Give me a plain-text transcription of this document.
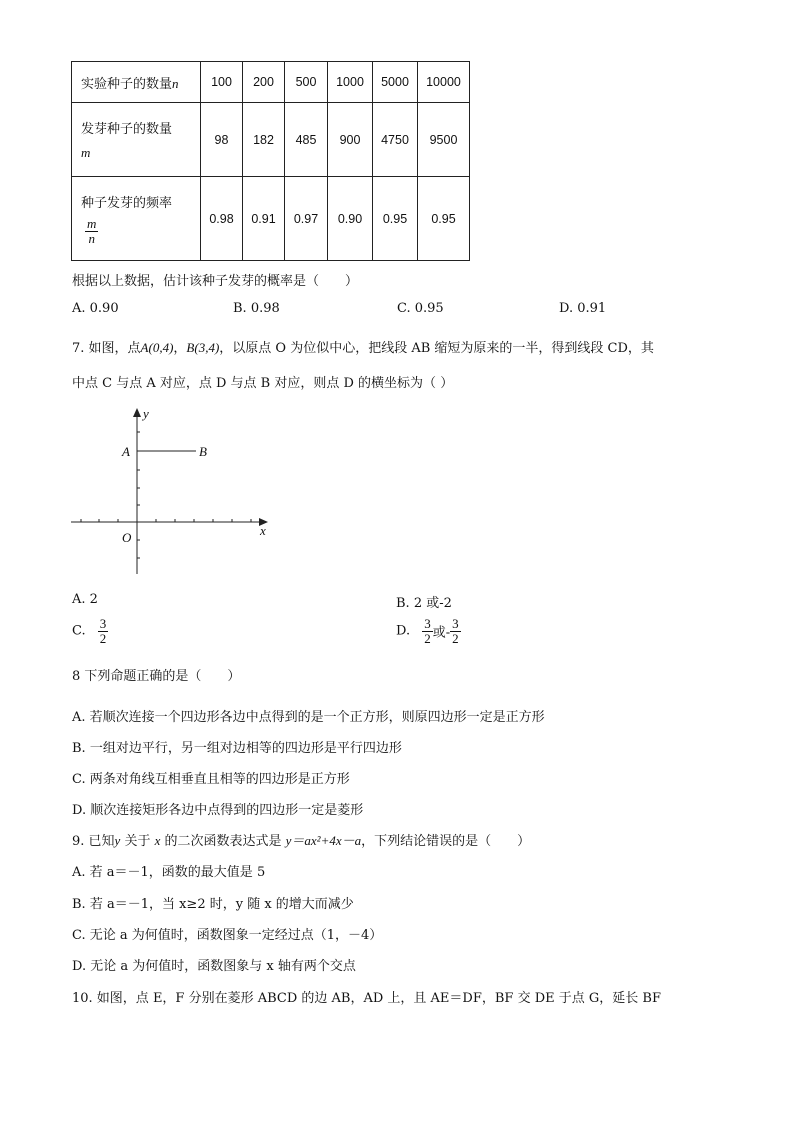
实验种子的数量n	100	200	500	1000	5000	10000

发芽种子的数量
m	98	182	485	900	4750	9500

种子发芽的频率
$\frac{m}{n}$	0.98	0.91	0.97	0.90	0.95	0.95
根据以上数据，估计该种子发芽的概率是（　　）
A. 0.90	B. 0.98	C. 0.95	D. 0.91
7. 如图，点A(0,4)，B(3,4)，以原点 O 为位似中心，把线段 AB 缩短为原来的一半，得到线段 CD，其
中点 C 与点 A 对应，点 D 与点 B 对应，则点 D 的横坐标为（ ）
y
x
A	B
O
A. 2	B. 2 或-2
C. $\frac{3}{2}$	D. $\frac{3}{2}$ 或- $\frac{3}{2}$
8 下列命题正确的是（　　）
A. 若顺次连接一个四边形各边中点得到的是一个正方形，则原四边形一定是正方形
B. 一组对边平行，另一组对边相等的四边形是平行四边形
C. 两条对角线互相垂直且相等的四边形是正方形
D. 顺次连接矩形各边中点得到的四边形一定是菱形
9. 已知y 关于 x 的二次函数表达式是 y＝ax²+4x－a，下列结论错误的是（　　）
A. 若 a＝－1，函数的最大值是 5
B. 若 a＝－1，当 x≥2 时，y 随 x 的增大而减少
C. 无论 a 为何值时，函数图象一定经过点（1，－4）
D. 无论 a 为何值时，函数图象与 x 轴有两个交点
10. 如图，点 E，F 分别在菱形 ABCD 的边 AB，AD 上，且 AE＝DF，BF 交 DE 于点 G，延长 BF
